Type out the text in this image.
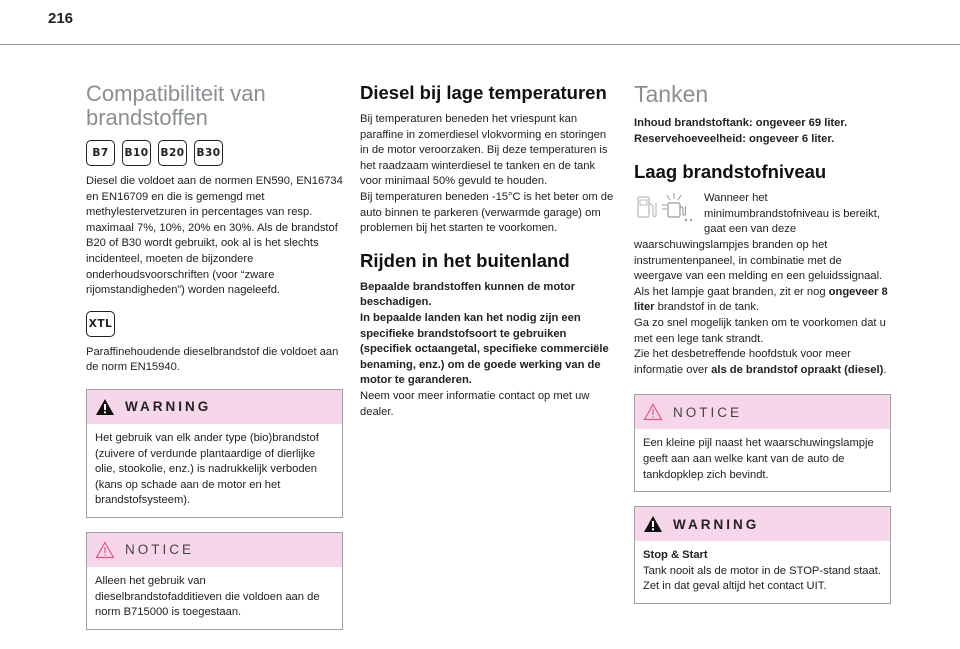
216
Compatibiliteit van brandstoffen
B7	B10 B20 B30

Diesel die voldoet aan de normen EN590, EN16734 en EN16709 en die is gemengd met methylestervetzuren in percentages van resp. maximaal 7%, 10%, 20% en 30%. Als de brandstof B20 of B30 wordt gebruikt, ook al is het slechts incidenteel, moeten de bijzondere onderhoudsvoorschriften (voor “zware rijomstandigheden”) worden nageleefd.

XTL

Paraffinehoudende dieselbrandstof die voldoet aan de norm EN15940.

WARNING

Het gebruik van elk ander type (bio)brandstof (zuivere of verdunde plantaardige of dierlijke olie, stookolie, enz.) is nadrukkelijk verboden (kans op schade aan de motor en het brandstofsysteem).

NOTICE

Alleen het gebruik van dieselbrandstofadditieven die voldoen aan de norm B715000 is toegestaan.

Diesel bij lage temperaturen

Bij temperaturen beneden het vriespunt kan paraffine in zomerdiesel vlokvorming en storingen in de motor veroorzaken. Bij deze temperaturen is het raadzaam winterdiesel te tanken en de tank voor minimaal 50% gevuld te houden.

Bij temperaturen beneden -15°C is het beter om de auto binnen te parkeren (verwarmde garage) om problemen bij het starten te voorkomen.

Rijden in het buitenland

Bepaalde brandstoffen kunnen de motor beschadigen.
In bepaalde landen kan het nodig zijn een specifieke brandstofsoort te gebruiken (specifiek octaangetal, specifieke commerciële benaming, enz.) om de goede werking van de motor te garanderen.

Neem voor meer informatie contact op met uw dealer.

Tanken

Inhoud brandstoftank: ongeveer 69 liter.

Reservehoeveelheid: ongeveer 6 liter.

Laag brandstofniveau

Wanneer het minimumbrandstofniveau is bereikt, gaat een van deze waarschuwingslampjes branden op het instrumentenpaneel, in combinatie met de weergave van een melding en een geluidssignaal. Als het lampje gaat branden, zit er nog ongeveer 8 liter brandstof in de tank.

Ga zo snel mogelijk tanken om te voorkomen dat u met een lege tank strandt.

Zie het desbetreffende hoofdstuk voor meer informatie over als de brandstof opraakt (diesel).

NOTICE

Een kleine pijl naast het waarschuwingslampje geeft aan aan welke kant van de auto de tankdopklep zich bevindt.

WARNING

Stop & Start

Tank nooit als de motor in de STOP-stand staat. Zet in dat geval altijd het contact UIT.
